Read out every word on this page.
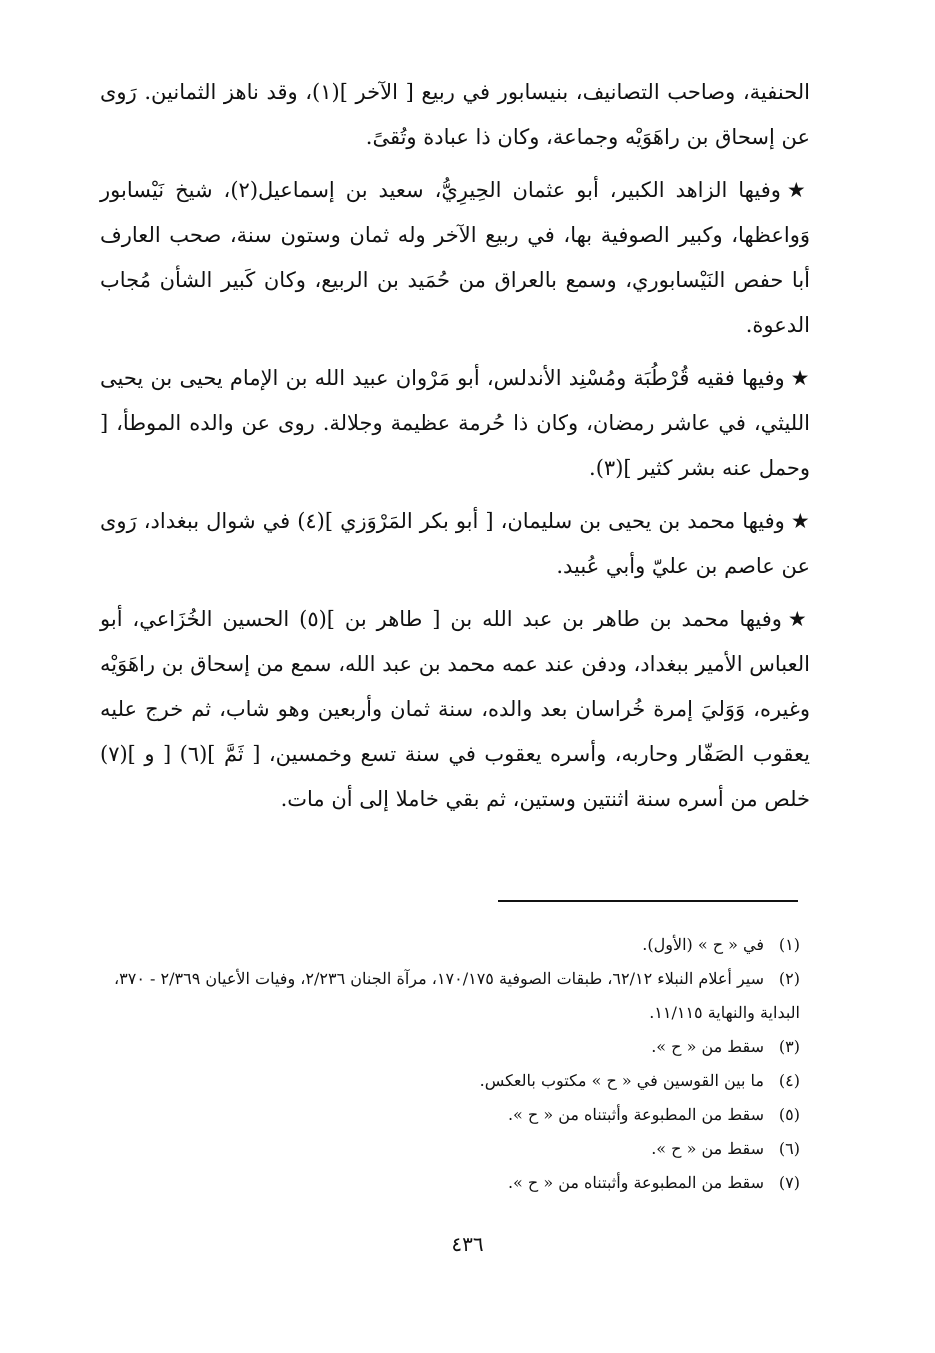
الحنفية، وصاحب التصانيف، بنيسابور في ربيع [ الآخر ](١)، وقد ناهز الثمانين. رَوى عن إسحاق بن راهَوَيْه وجماعة، وكان ذا عبادة وتُقىً.

★وفيها الزاهد الكبير، أبو عثمان الحِيرِيُّ، سعيد بن إسماعيل(٢)، شيخ نَيْسابور وَواعظها، وكبير الصوفية بها، في ربيع الآخر وله ثمان وستون سنة، صحب العارف أبا حفص النَيْسابوري، وسمع بالعراق من حُمَيد بن الربيع، وكان كَبير الشأن مُجاب الدعوة.

★وفيها فقيه قُرْطُبَة ومُسْنِد الأندلس، أبو مَرْوان عبيد الله بن الإمام يحيى بن يحيى الليثي، في عاشر رمضان، وكان ذا حُرمة عظيمة وجلالة. روى عن والده الموطأ، [ وحمل عنه بشر كثير ](٣).

★وفيها محمد بن يحيى بن سليمان، [ أبو بكر المَرْوَزي ](٤) في شوال ببغداد، رَوى عن عاصم بن عليّ وأبي عُبيد.

★وفيها محمد بن طاهر بن عبد الله بن [ طاهر بن ](٥) الحسين الخُزَاعي، أبو العباس الأمير ببغداد، ودفن عند عمه محمد بن عبد الله، سمع من إسحاق بن راهَوَيْه وغيره، وَوَليَ إمرة خُراسان بعد والده، سنة ثمان وأربعين وهو شاب، ثم خرج عليه يعقوب الصَفّار وحاربه، وأسره يعقوب في سنة تسع وخمسين، [ ثَمَّ ](٦) [ و ](٧) خلص من أسره سنة اثنتين وستين، ثم بقي خاملا إلى أن مات.

(١)في « ح » (الأول).

(٢)سير أعلام النبلاء ٦٢/١٢، طبقات الصوفية ١٧٠/١٧٥، مرآة الجنان ٢/٢٣٦، وفيات الأعيان ٢/٣٦٩ - ٣٧٠، البداية والنهاية ١١/١١٥.

(٣)سقط من « ح ».

(٤)ما بين القوسين في « ح » مكتوب بالعكس.

(٥)سقط من المطبوعة وأثبتناه من « ح ».

(٦)سقط من « ح ».

(٧)سقط من المطبوعة وأثبتناه من « ح ».

٤٣٦
